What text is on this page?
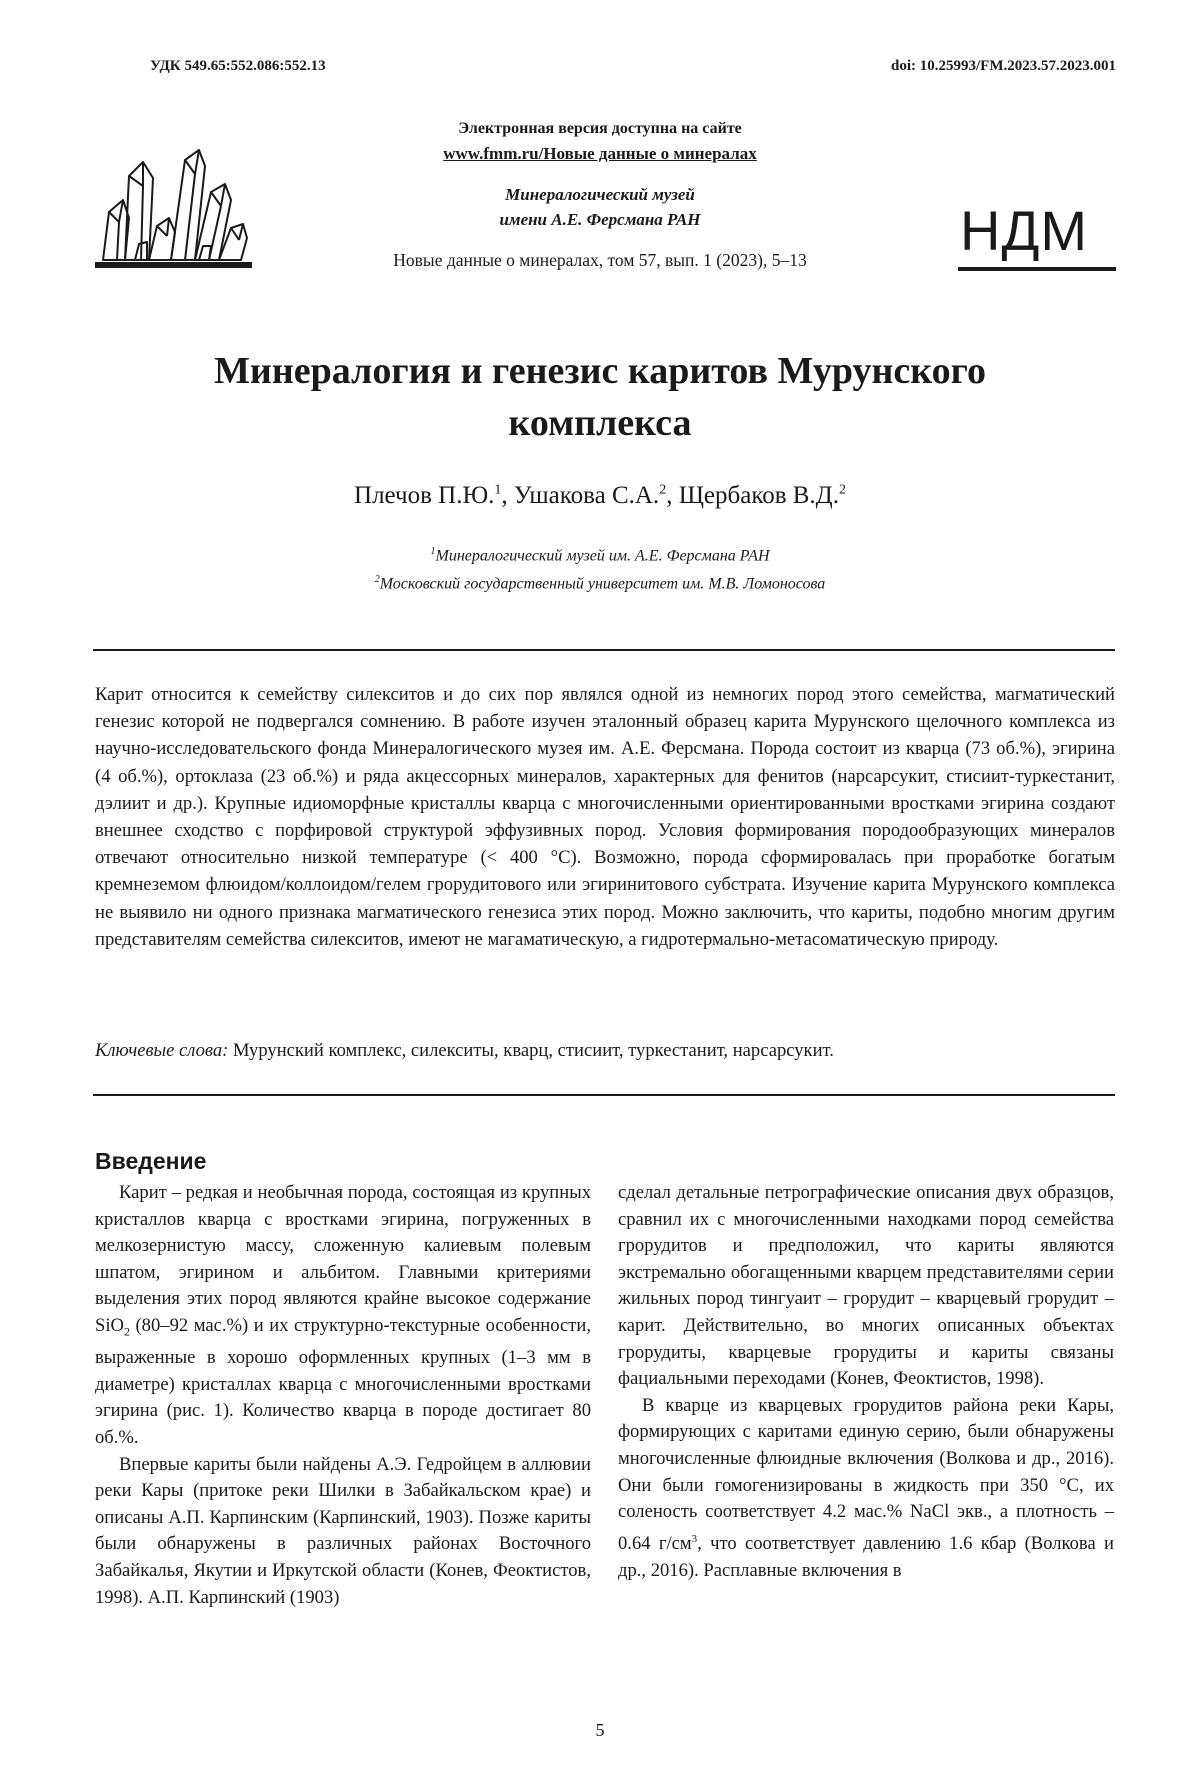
УДК 549.65:552.086:552.13	doi: 10.25993/FM.2023.57.2023.001
Электронная версия доступна на сайте
www.fmm.ru/Новые данные о минералах
Минералогический музей
имени А.Е. Ферсмана РАН
Новые данные о минералах, том 57, вып. 1 (2023), 5–13	НДМ
Минералогия и генезис каритов Мурунского
комплекса
Плечов П.Ю.$^1$, Ушакова С.А.$^2$, Щербаков В.Д.$^2$
$^1$Минералогический музей им. А.Е. Ферсмана РАН
$^2$Московский государственный университет им. М.В. Ломоносова

Карит относится к семейству силекситов и до сих пор являлся одной из немногих пород этого семейства, магматический генезис которой не подвергался сомнению. В работе изучен эталонный образец карита Мурунского щелочного комплекса из научно-исследовательского фонда Минералогического музея им. А.Е. Ферсмана. Порода состоит из кварца (73 об.%), эгирина (4 об.%), ортоклаза (23 об.%) и ряда акцессорных минералов, характерных для фенитов (нарсарсукит, стисиит-туркестанит, дэлиит и др.). Крупные идиоморфные кристаллы кварца с многочисленными ориентированными вростками эгирина создают внешнее сходство с порфировой структурой эффузивных пород. Условия формирования породообразующих минералов отвечают относительно низкой температуре (< 400 °C). Возможно, порода сформировалась при проработке богатым кремнеземом флюидом/коллоидом/гелем грорудитового или эгиринитового субстрата. Изучение карита Мурунского комплекса не выявило ни одного признака магматического генезиса этих пород. Можно заключить, что кариты, подобно многим другим представителям семейства силекситов, имеют не магаматическую, а гидротермально-метасоматическую природу.

Ключевые слова: Мурунский комплекс, силекситы, кварц, стисиит, туркестанит, нарсарсукит.
Введение

Карит – редкая и необычная порода, состоящая из крупных кристаллов кварца с вростками эгирина, погруженных в мелкозернистую массу, сложенную калиевым полевым шпатом, эгирином и альбитом. Главными критериями выделения этих пород являются крайне высокое содержание SiO$_2$ (80–92 мас.%) и их структурно-текстурные особенности, выраженные в хорошо оформленных крупных (1–3 мм в диаметре) кристаллах кварца с многочисленными вростками эгирина (рис. 1). Количество кварца в породе достигает 80 об.%.

Впервые кариты были найдены А.Э. Гедройцем в аллювии реки Кары (притоке реки Шилки в Забайкальском крае) и описаны А.П. Карпинским (Карпинский, 1903). Позже кариты были обнаружены в различных районах Восточного Забайкалья, Якутии и Иркутской области (Конев, Феоктистов, 1998). А.П. Карпинский (1903)

сделал детальные петрографические описания двух образцов, сравнил их с многочисленными находками пород семейства грорудитов и предположил, что кариты являются экстремально обогащенными кварцем представителями серии жильных пород тингуаит – грорудит – кварцевый грорудит – карит. Действительно, во многих описанных объектах грорудиты, кварцевые грорудиты и кариты связаны фациальными переходами (Конев, Феоктистов, 1998).

В кварце из кварцевых грорудитов района реки Кары, формирующих с каритами единую серию, были обнаружены многочисленные флюидные включения (Волкова и др., 2016). Они были гомогенизированы в жидкость при 350 °C, их соленость соответствует 4.2 мас.% NaCl экв., а плотность – 0.64 $г/см^3$, что соответствует давлению 1.6 кбар (Волкова и др., 2016). Расплавные включения в

5
